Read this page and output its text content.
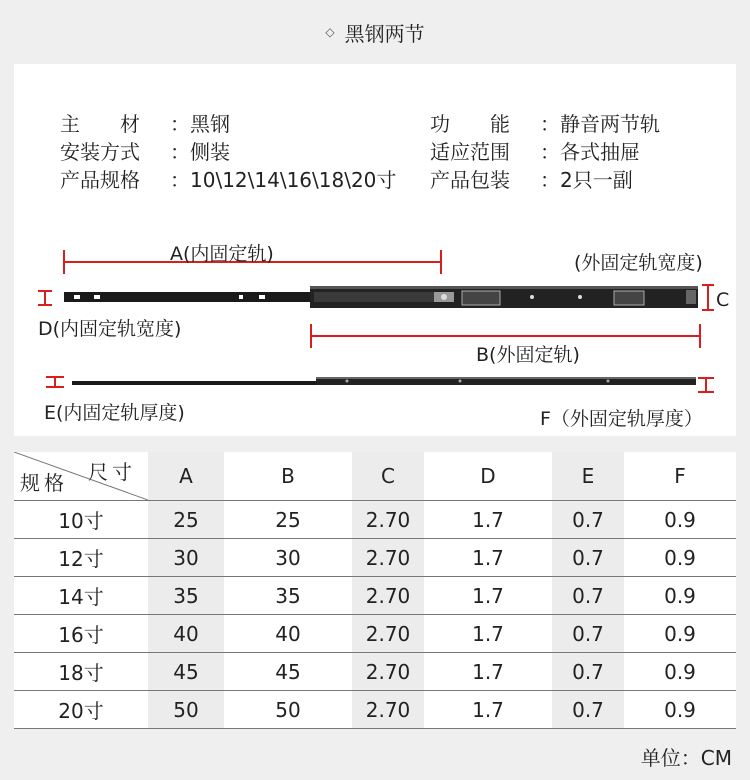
◇ 黑钢两节
主　　材 ：黑钢
安装方式 ：侧装
产品规格 ：10\12\14\16\18\20寸
功　　能 ：静音两节轨
适应范围 ：各式抽屉
产品包装 ：2只一副
A(内固定轨)	(外固定轨宽度)
C
D(内固定轨宽度)
B(外固定轨)
E(内固定轨厚度)	F（外固定轨厚度）
尺寸
规格	A	B	C	D	E	F
10寸	25	25	2.70	1.7	0.7	0.9
12寸	30	30	2.70	1.7	0.7	0.9
14寸	35	35	2.70	1.7	0.7	0.9
16寸	40	40	2.70	1.7	0.7	0.9
18寸	45	45	2.70	1.7	0.7	0.9
20寸	50	50	2.70	1.7	0.7	0.9
单位：CM
